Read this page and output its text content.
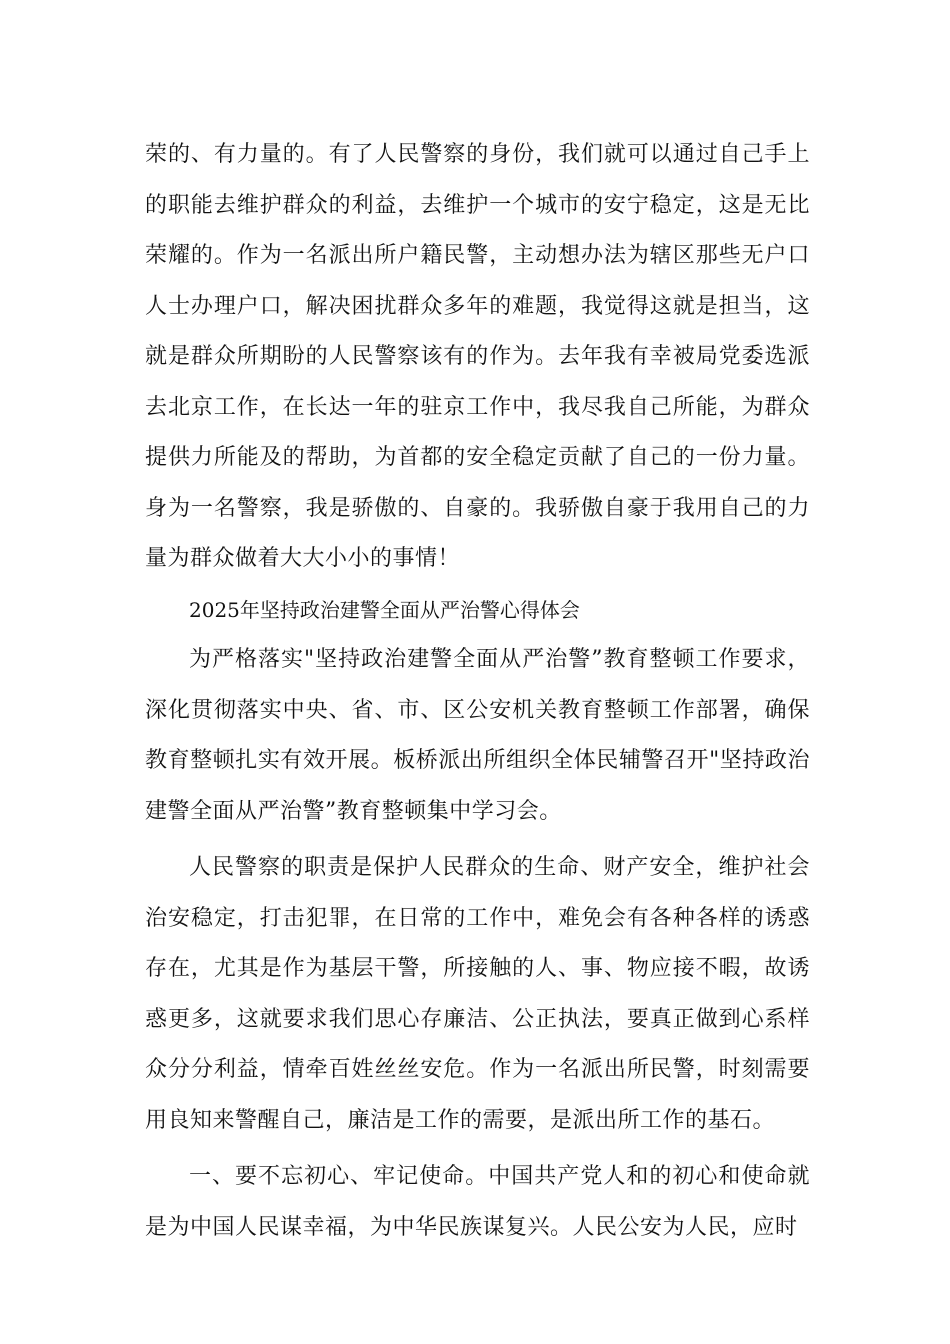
荣的、有力量的。有了人民警察的身份，我们就可以通过自己手上的职能去维护群众的利益，去维护一个城市的安宁稳定，这是无比荣耀的。作为一名派出所户籍民警，主动想办法为辖区那些无户口人士办理户口，解决困扰群众多年的难题，我觉得这就是担当，这就是群众所期盼的人民警察该有的作为。去年我有幸被局党委选派去北京工作，在长达一年的驻京工作中，我尽我自己所能，为群众提供力所能及的帮助，为首都的安全稳定贡献了自己的一份力量。身为一名警察，我是骄傲的、自豪的。我骄傲自豪于我用自己的力量为群众做着大大小小的事情！

2025年坚持政治建警全面从严治警心得体会

为严格落实"坚持政治建警全面从严治警”教育整顿工作要求，深化贯彻落实中央、省、市、区公安机关教育整顿工作部署，确保教育整顿扎实有效开展。板桥派出所组织全体民辅警召开"坚持政治建警全面从严治警”教育整顿集中学习会。

人民警察的职责是保护人民群众的生命、财产安全，维护社会治安稳定，打击犯罪，在日常的工作中，难免会有各种各样的诱惑存在，尤其是作为基层干警，所接触的人、事、物应接不暇，故诱惑更多，这就要求我们思心存廉洁、公正执法，要真正做到心系样众分分利益，情牵百姓丝丝安危。作为一名派出所民警，时刻需要用良知来警醒自己，廉洁是工作的需要，是派出所工作的基石。

一、要不忘初心、牢记使命。中国共产党人和的初心和使命就是为中国人民谋幸福，为中华民族谋复兴。人民公安为人民，应时
